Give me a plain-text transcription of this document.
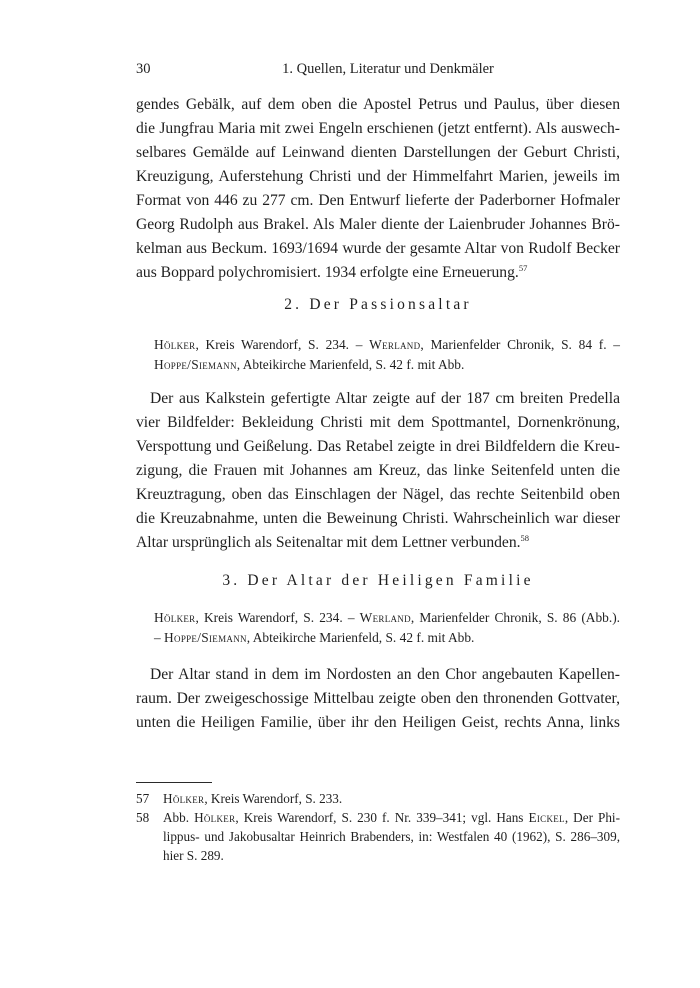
30	1. Quellen, Literatur und Denkmäler
gendes Gebälk, auf dem oben die Apostel Petrus und Paulus, über diesen
die Jungfrau Maria mit zwei Engeln erschienen (jetzt entfernt). Als auswech-
selbares Gemälde auf Leinwand dienten Darstellungen der Geburt Christi,
Kreuzigung, Auferstehung Christi und der Himmelfahrt Marien, jeweils im
Format von 446 zu 277 cm. Den Entwurf lieferte der Paderborner Hofmaler
Georg Rudolph aus Brakel. Als Maler diente der Laienbruder Johannes Brö-
kelman aus Beckum. 1693/1694 wurde der gesamte Altar von Rudolf Becker
aus Boppard polychromisiert. 1934 erfolgte eine Erneuerung.$^{57}$
2. Der Passionsaltar
Hölker, Kreis Warendorf, S. 234. – Werland, Marienfelder Chronik, S. 84 f. –
Hoppe/Siemann, Abteikirche Marienfeld, S. 42 f. mit Abb.
Der aus Kalkstein gefertigte Altar zeigte auf der 187 cm breiten Predella
vier Bildfelder: Bekleidung Christi mit dem Spottmantel, Dornenkrönung,
Verspottung und Geißelung. Das Retabel zeigte in drei Bildfeldern die Kreu-
zigung, die Frauen mit Johannes am Kreuz, das linke Seitenfeld unten die
Kreuztragung, oben das Einschlagen der Nägel, das rechte Seitenbild oben
die Kreuzabnahme, unten die Beweinung Christi. Wahrscheinlich war dieser
Altar ursprünglich als Seitenaltar mit dem Lettner verbunden.$^{58}$
3. Der Altar der Heiligen Familie
Hölker, Kreis Warendorf, S. 234. – Werland, Marienfelder Chronik, S. 86 (Abb.).
– Hoppe/Siemann, Abteikirche Marienfeld, S. 42 f. mit Abb.
Der Altar stand in dem im Nordosten an den Chor angebauten Kapellen-
raum. Der zweigeschossige Mittelbau zeigte oben den thronenden Gottvater,
unten die Heiligen Familie, über ihr den Heiligen Geist, rechts Anna, links
57 Hölker, Kreis Warendorf, S. 233.
58 Abb. Hölker, Kreis Warendorf, S. 230 f. Nr. 339–341; vgl. Hans Eickel, Der Phi-
lippus- und Jakobusaltar Heinrich Brabenders, in: Westfalen 40 (1962), S. 286–309,
hier S. 289.
